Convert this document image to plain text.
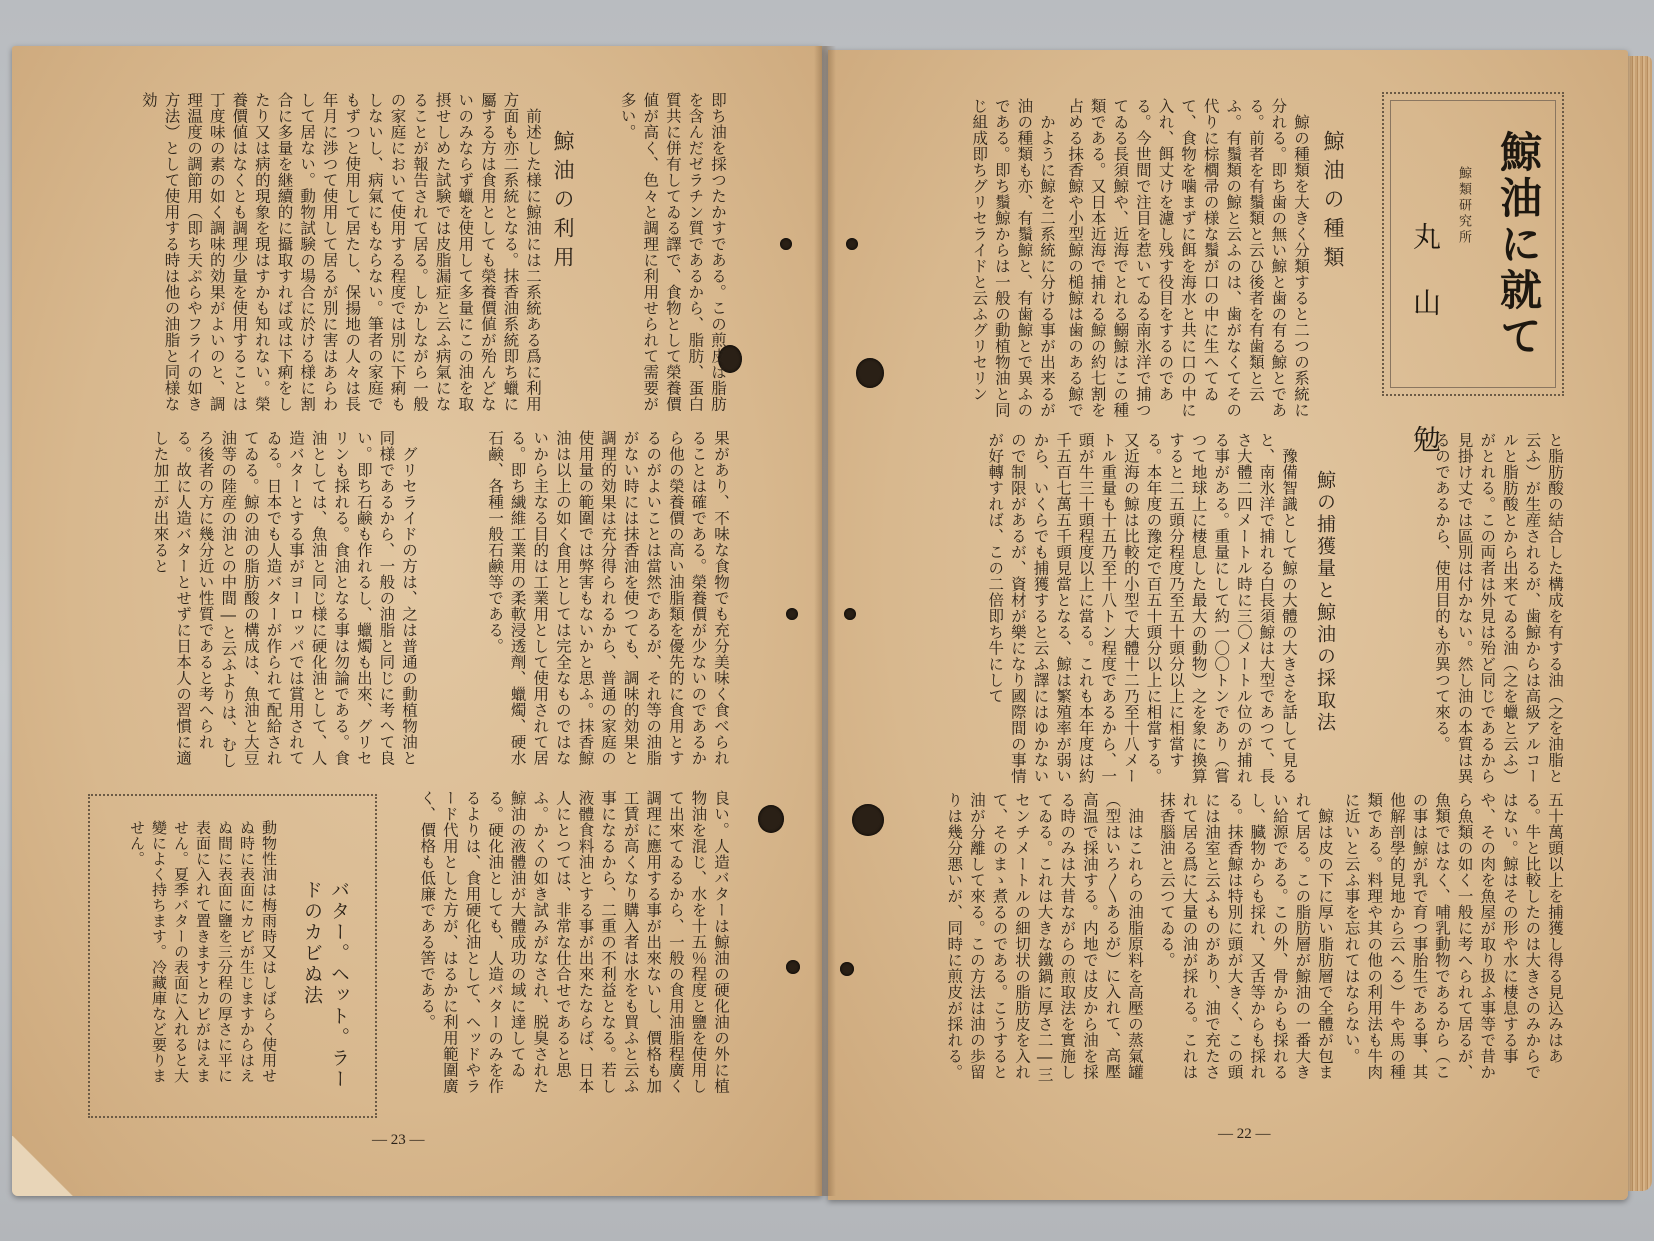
鯨油に就て
鯨類研究所
丸山 勉
鯨油の種類

鯨の種類を大きく分類すると二つの系統に分れる。即ち歯の無い鯨と歯の有る鯨とである。前者を有鬚類と云ひ後者を有歯類と云ふ。有鬚類の鯨と云ふのは、歯がなくてその代りに棕櫚帚の様な鬚が口の中に生へてゐて、食物を噛まずに餌を海水と共に口の中に入れ、餌丈けを濾し残す役目をするのである。今世間で注目を惹いてゐる南氷洋で捕つてゐる長須鯨や、近海でとれる鰯鯨はこの種類である。又日本近海で捕れる鯨の約七割を占める抹香鯨や小型鯨の槌鯨は歯のある鯨で

かように鯨を二系統に分ける事が出来るが油の種類も亦、有鬚鯨と、有歯鯨とで異ふのである。即ち鬚鯨からは一般の動植物油と同じ組成即ちグリセライドと云ふグリセリン

と脂肪酸の結合した構成を有する油（之を油脂と云ふ）が生産されるが、歯鯨からは高級アルコールと脂肪酸とから出来てゐる油（之を蠟と云ふ）がとれる。この両者は外見は殆ど同じであるから見掛け丈では區別は付かない。然し油の本質は異るのであるから、使用目的も亦異つて來る。

鯨の捕獲量と鯨油の採取法

豫備智識として鯨の大體の大きさを話して見ると、南氷洋で捕れる白長須鯨は大型であつて、長さ大體二四メートル時に三〇メートル位のが捕れる事がある。重量にして約一〇〇トンであり（嘗つて地球上に棲息した最大の動物）之を象に換算すると二五頭分程度乃至五十頭分以上に相當する。本年度の豫定で百五十頭分以上に相當する。又近海の鯨は比較的小型で大體十二乃至十八メートル重量も十五乃至十八トン程度であるから、一頭が牛三十頭程度以上に當る。これも本年度は約千五百七萬五千頭見當となる、鯨は繁殖率が弱いから、いくらでも捕獲すると云ふ譯にはゆかないので制限があるが、資材が樂になり國際間の事情が好轉すれば、この二倍即ち牛にして

五十萬頭以上を捕獲し得る見込みはある。牛と比較したのは大きさのみからではない。鯨はその形や水に棲息する事や、その肉を魚屋が取り扱ふ事等で昔から魚類の如く一般に考へられて居るが、魚類ではなく、哺乳動物であるから（この事は鯨が乳で育つ事胎生である事、其他解剖學的見地から云へる）牛や馬の種類である。料理や其の他の利用法も牛肉に近いと云ふ事を忘れてはならない。

鯨は皮の下に厚い脂肪層で全體が包まれて居る。この脂肪層が鯨油の一番大きい給源である。この外、骨からも採れるし、臓物からも採れ、又舌等からも採れる。抹香鯨は特別に頭が大きく、この頭には油室と云ふものがあり、油で充たされて居る爲に大量の油が採れる。これは抹香腦油と云つてゐる。

油はこれらの油脂原料を高壓の蒸氣罐（型はいろ〳〵あるが）に入れて、高壓高温で採油する。内地では皮から油を採る時のみは大昔ながらの煎取法を實施してゐる。これは大きな鐵鍋に厚さ二―三センチメートルの細切状の脂肪皮を入れて、そのまゝ煮るのである。こうすると油が分離して來る。この方法は油の歩留りは幾分悪いが、同時に煎皮が採れる。

― 22 ―

即ち油を採つたかすである。この煎皮は脂肪を含んだゼラチン質であるから、脂肪、蛋白質共に併有してゐる譯で、食物として榮養價値が高く、色々と調理に利用せられて需要が多い。

鯨油の利用

前述した様に鯨油には二系統ある爲に利用方面も亦二系統となる。抹香油系統即ち蠟に屬する方は食用としても榮養價値が殆んどないのみならず蠟を使用して多量にこの油を取摂せしめた試験では皮脂漏症と云ふ病氣になることが報告されて居る。しかしながら一般の家庭において使用する程度では別に下痢もしないし、病氣にもならない。筆者の家庭でもずつと使用して居たし、保揚地の人々は長年月に渉つて使用して居るが別に害はあらわして居ない。動物試験の場合に於ける様に割合に多量を継續的に攝取すれば或は下痢をしたり又は病的現象を現はすかも知れない。榮養價値はなくとも調理少量を使用することは丁度味の素の如く調味的効果がよいのと、調理温度の調節用（即ち天ぷらやフライの如き方法）として使用する時は他の油脂と同様な効

果があり、不味な食物でも充分美味く食べられることは確である。榮養價が少ないのであるから他の榮養價の高い油脂類を優先的に食用とするのがよいことは當然であるが、それ等の油脂がない時には抹香油を使つても、調味的効果と調理的効果は充分得られるから、普通の家庭の使用量の範圍では弊害もないかと思ふ。抹香鯨油は以上の如く食用としては完全なものではないから主なる目的は工業用として使用されて居る。即ち繊維工業用の柔軟浸透劑、蠟燭、硬水石鹸、各種一般石鹸等である。

グリセライドの方は、之は普通の動植物油と同様であるから、一般の油脂と同じに考へて良い。即ち石鹸も作れるし、蠟燭も出來、グリセリンも採れる。食油となる事は勿論である。食油としては、魚油と同じ様に硬化油として、人造バターとする事がヨーロッパでは賞用されてゐる。日本でも人造バターが作られて配給されてゐる。鯨の油の脂肪酸の構成は、魚油と大豆油等の陸産の油との中間―と云ふよりは、むしろ後者の方に幾分近い性質であると考へられる。故に人造バターとせずに日本人の習慣に適した加工が出來ると

良い。人造バターは鯨油の硬化油の外に植物油を混じ、水を十五％程度と鹽を使用して出來てゐるから、一般の食用油脂程廣く調理に應用する事が出來ないし、價格も加工賃が高くなり購入者は水をも買ふと云ふ事になるから、二重の不利益となる。若し液體食料油とする事が出來たならば、日本人にとつては、非常な仕合せであると思ふ。かくの如き試みがなされ、脱臭された鯨油の液體油が大體成功の域に達してゐる。硬化油としても、人造バターのみを作るよりは、食用硬化油として、ヘッドやラード代用とした方が、はるかに利用範圍廣く、價格も低廉である筈である。

バター。ヘット。ラードのカビぬ法
動物性油は梅雨時又はしばらく使用せぬ時に表面にカビが生じますからはえぬ間に表面に鹽を三分程の厚さに平に表面に入れて置きますとカビがはえません。夏季バターの表面に入れると大變によく持ちます。冷藏庫など要りません。
― 23 ―
